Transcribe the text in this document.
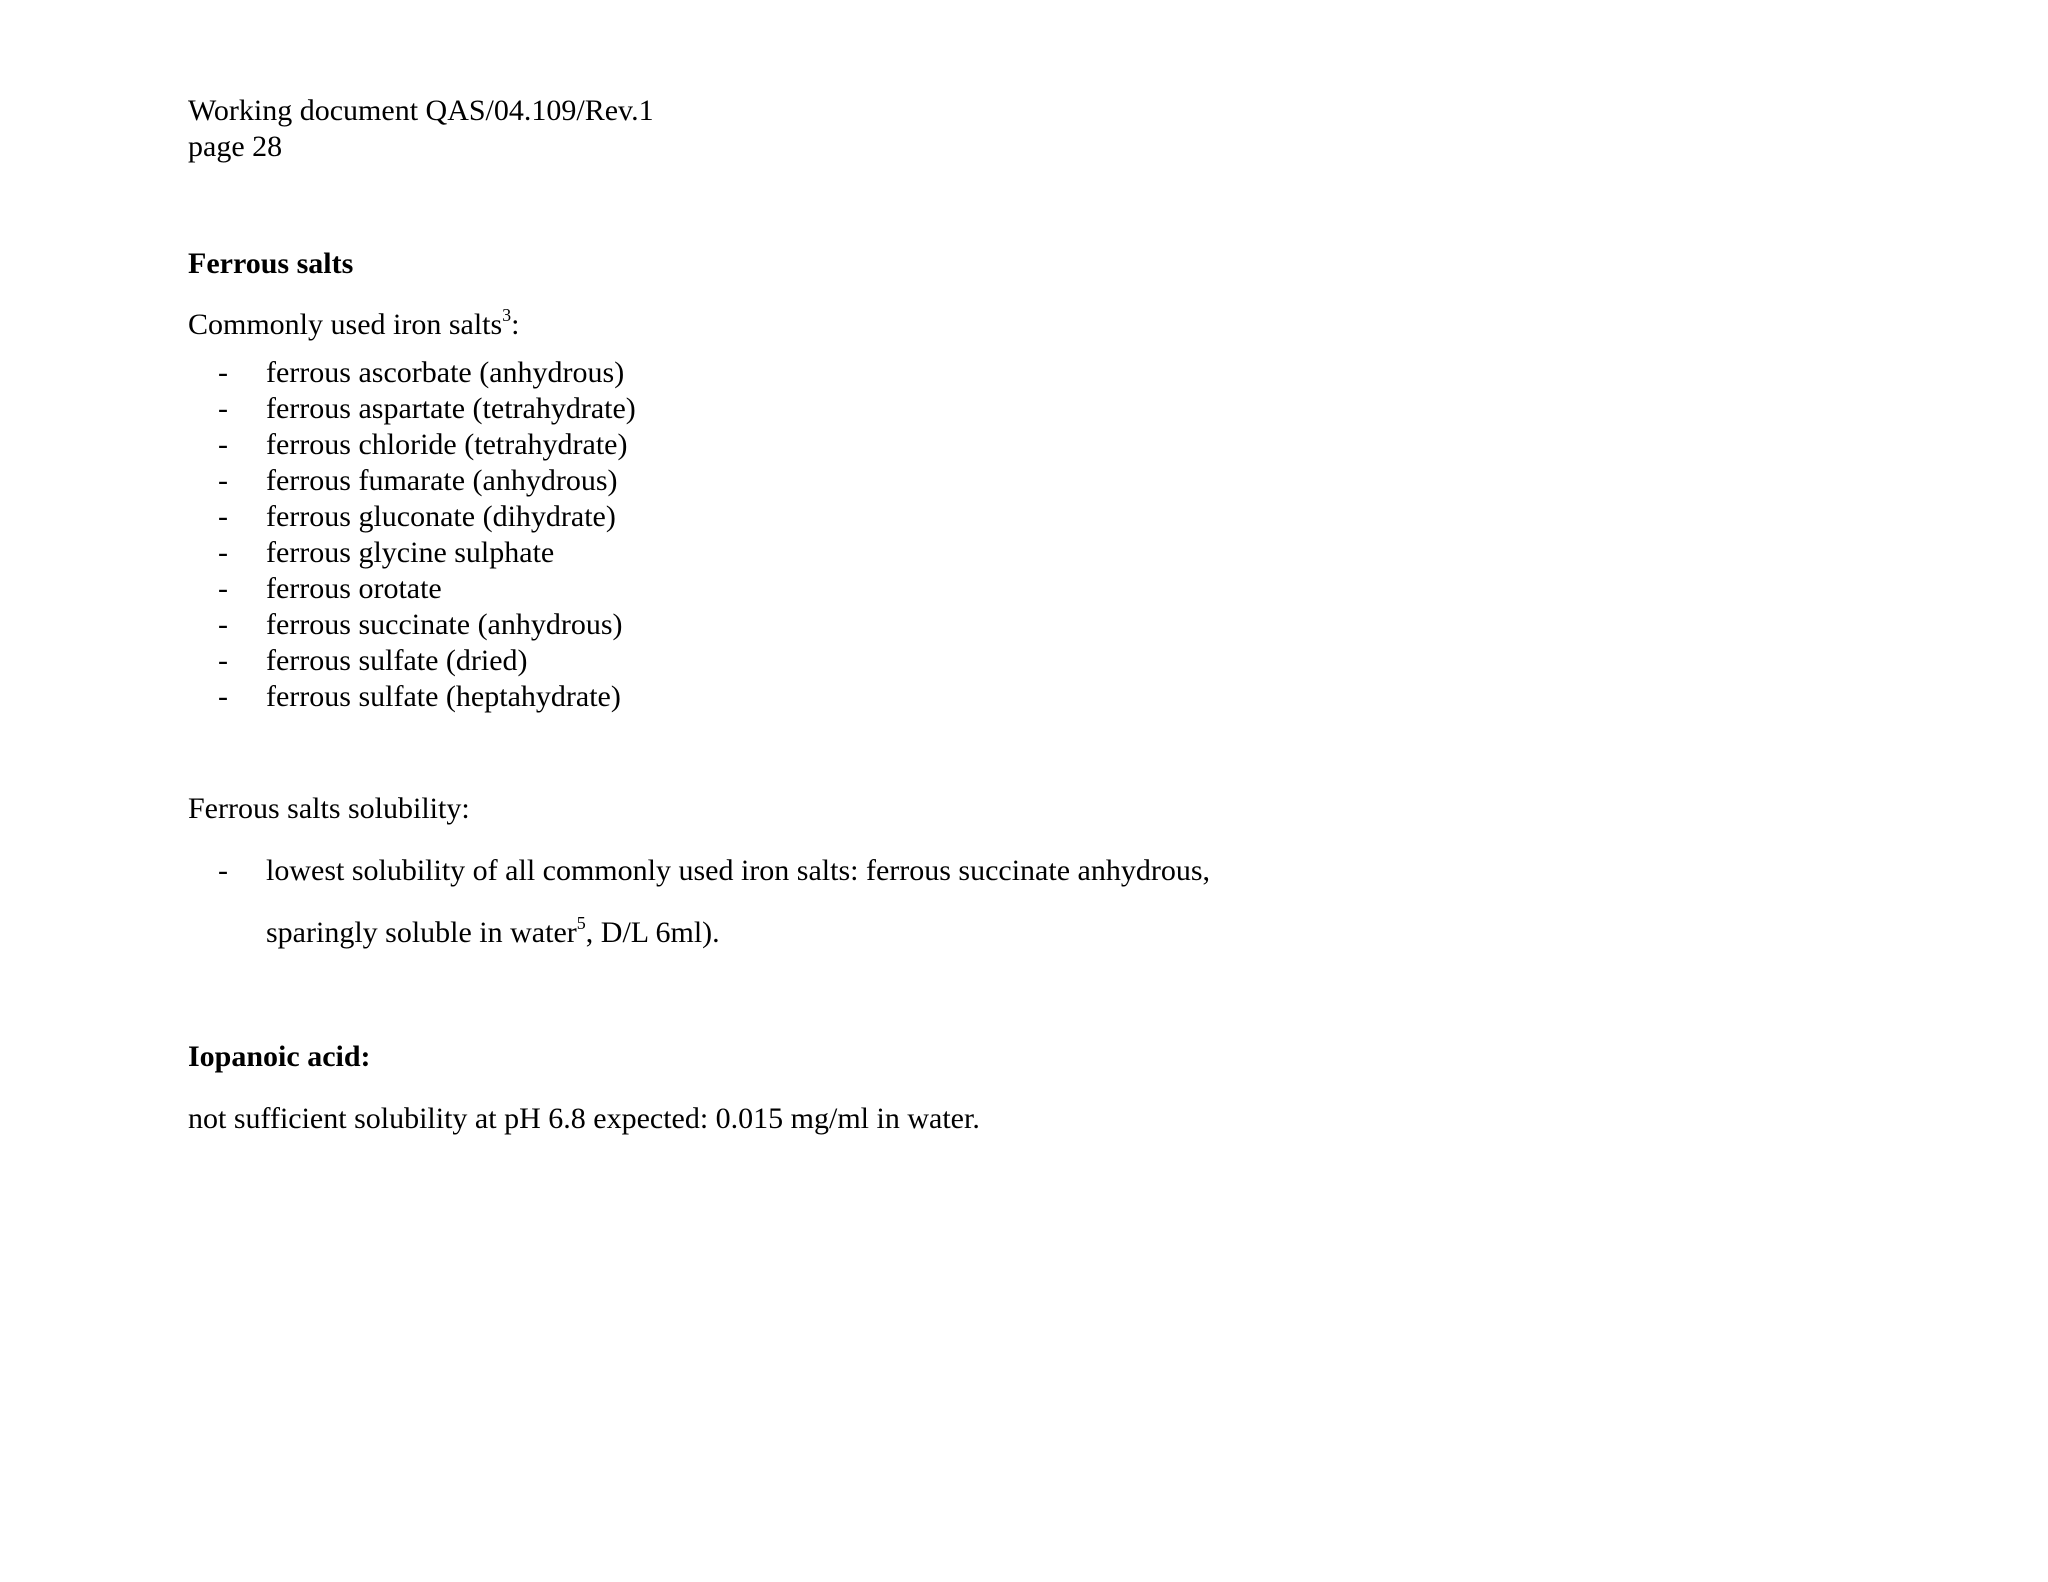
Working document QAS/04.109/Rev.1
page 28
Ferrous salts
Commonly used iron salts$^3$:
- ferrous ascorbate (anhydrous)
- ferrous aspartate (tetrahydrate)
- ferrous chloride (tetrahydrate)
- ferrous fumarate (anhydrous)
- ferrous gluconate (dihydrate)
- ferrous glycine sulphate
- ferrous orotate
- ferrous succinate (anhydrous)
- ferrous sulfate (dried)
- ferrous sulfate (heptahydrate)
Ferrous salts solubility:
- lowest solubility of all commonly used iron salts: ferrous succinate anhydrous,
sparingly soluble in water$^5$, D/L 6ml).
Iopanoic acid:
not sufficient solubility at pH 6.8 expected: 0.015 mg/ml in water.
